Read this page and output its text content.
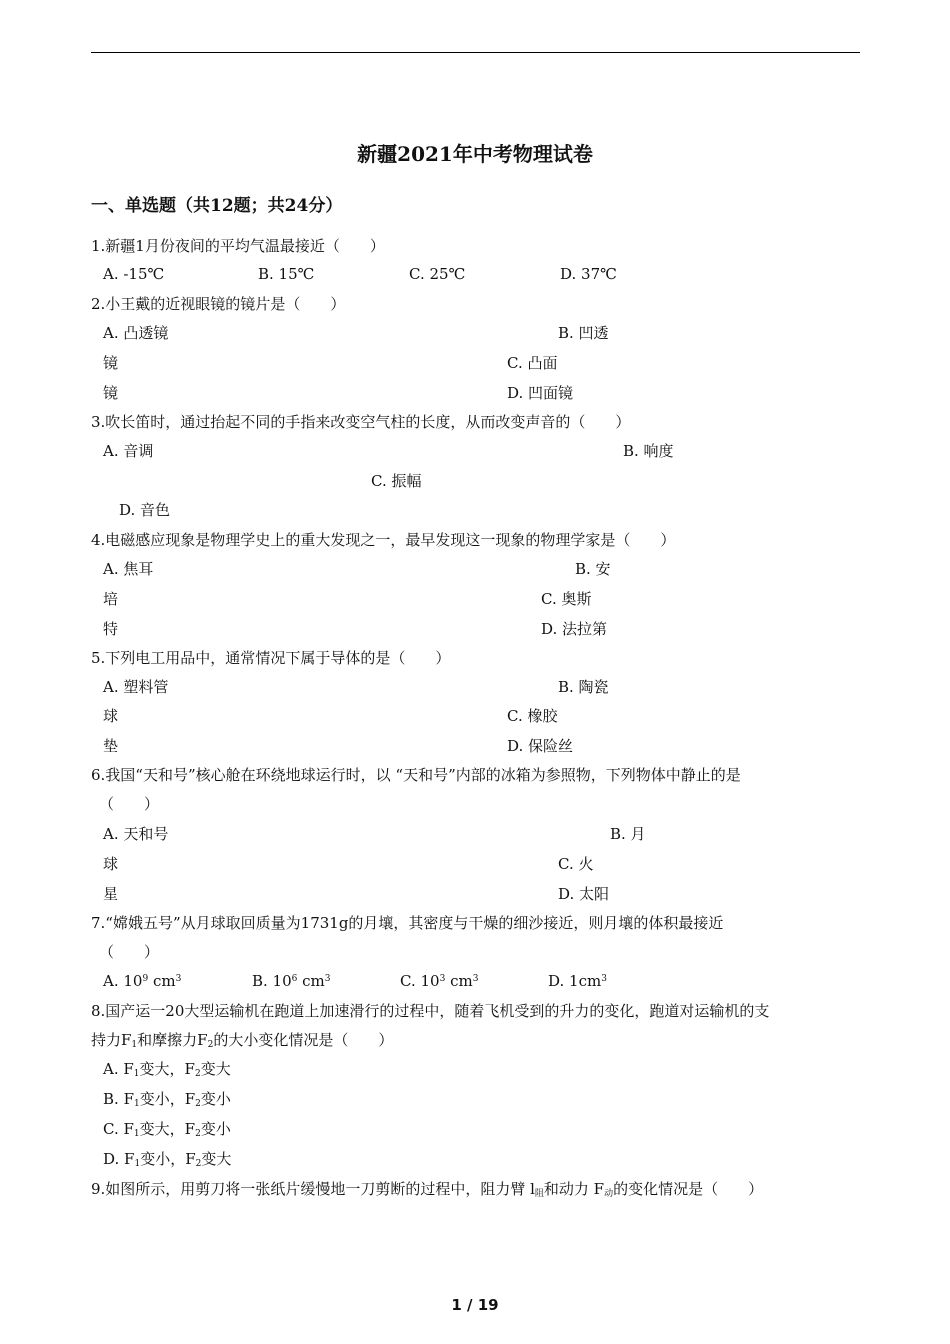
新疆2021年中考物理试卷
一、单选题（共12题；共24分）
1.新疆1月份夜间的平均气温最接近（　　）
A. -15℃	B. 15℃	C. 25℃	D. 37℃
2.小王戴的近视眼镜的镜片是（　　）
A. 凸透镜	B. 凹透
镜	C. 凸面
镜	D. 凹面镜
3.吹长笛时，通过抬起不同的手指来改变空气柱的长度，从而改变声音的（　　）
A. 音调	B. 响度
C. 振幅
D. 音色
4.电磁感应现象是物理学史上的重大发现之一，最早发现这一现象的物理学家是（　　）
A. 焦耳	B. 安
培	C. 奥斯
特	D. 法拉第
5.下列电工用品中，通常情况下属于导体的是（　　）
A. 塑料管	B. 陶瓷
球	C. 橡胶
垫	D. 保险丝
6.我国“天和号”核心舱在环绕地球运行时，以 “天和号”内部的冰箱为参照物，下列物体中静止的是
（　　）
A. 天和号	B. 月
球	C. 火
星	D. 太阳
7.“嫦娥五号”从月球取回质量为1731g的月壤，其密度与干燥的细沙接近，则月壤的体积最接近
（　　）
A. $10^9$ $cm^3$	B. $10^6$ $cm^3$	C. $10^3$ $cm^3$	D. $1cm^3$
8.国产运一20大型运输机在跑道上加速滑行的过程中，随着飞机受到的升力的变化，跑道对运输机的支
持力$F_1$和摩擦力$F_2$的大小变化情况是（　　）
A. $F_1$变大，$F_2$变大
B. $F_1$变小，$F_2$变小
C. $F_1$变大，$F_2$变小
D. $F_1$变小，$F_2$变大
9.如图所示，用剪刀将一张纸片缓慢地一刀剪断的过程中，阻力臂 $l_阻$和动力 $F_动$的变化情况是（　　）
1 / 19
